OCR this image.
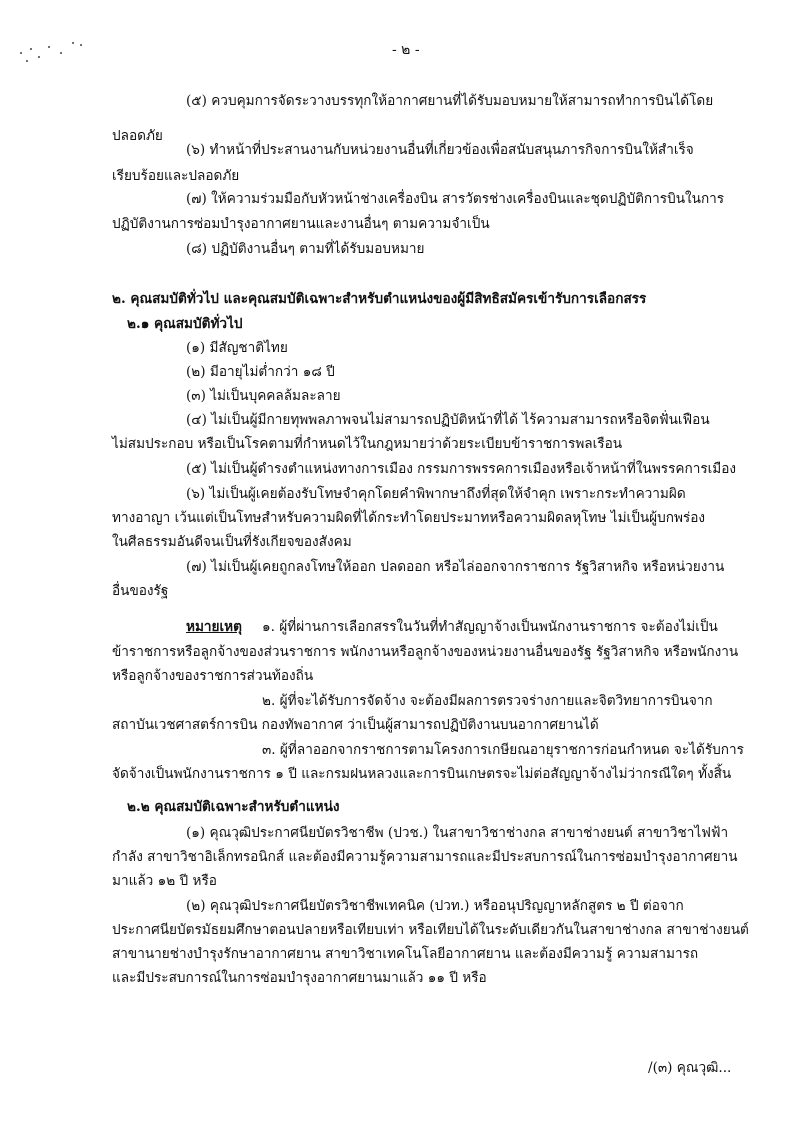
- ๒ -
(๕) ควบคุมการจัดระวางบรรทุกให้อากาศยานที่ได้รับมอบหมายให้สามารถทำการบินได้โดย
ปลอดภัย
(๖) ทำหน้าที่ประสานงานกับหน่วยงานอื่นที่เกี่ยวข้องเพื่อสนับสนุนภารกิจการบินให้สำเร็จ
เรียบร้อยและปลอดภัย
(๗) ให้ความร่วมมือกับหัวหน้าช่างเครื่องบิน สารวัตรช่างเครื่องบินและชุดปฏิบัติการบินในการ
ปฏิบัติงานการซ่อมบำรุงอากาศยานและงานอื่นๆ ตามความจำเป็น
(๘) ปฏิบัติงานอื่นๆ ตามที่ได้รับมอบหมาย
๒. คุณสมบัติทั่วไป และคุณสมบัติเฉพาะสำหรับตำแหน่งของผู้มีสิทธิสมัครเข้ารับการเลือกสรร
๒.๑ คุณสมบัติทั่วไป
(๑) มีสัญชาติไทย
(๒) มีอายุไม่ต่ำกว่า ๑๘ ปี
(๓) ไม่เป็นบุคคลล้มละลาย
(๔) ไม่เป็นผู้มีกายทุพพลภาพจนไม่สามารถปฏิบัติหน้าที่ได้ ไร้ความสามารถหรือจิตฟั่นเฟือน
ไม่สมประกอบ หรือเป็นโรคตามที่กำหนดไว้ในกฎหมายว่าด้วยระเบียบข้าราชการพลเรือน
(๕) ไม่เป็นผู้ดำรงตำแหน่งทางการเมือง กรรมการพรรคการเมืองหรือเจ้าหน้าที่ในพรรคการเมือง
(๖) ไม่เป็นผู้เคยต้องรับโทษจำคุกโดยคำพิพากษาถึงที่สุดให้จำคุก เพราะกระทำความผิด
ทางอาญา เว้นแต่เป็นโทษสำหรับความผิดที่ได้กระทำโดยประมาทหรือความผิดลหุโทษ ไม่เป็นผู้บกพร่อง
ในศีลธรรมอันดีจนเป็นที่รังเกียจของสังคม
(๗) ไม่เป็นผู้เคยถูกลงโทษให้ออก ปลดออก หรือไล่ออกจากราชการ รัฐวิสาหกิจ หรือหน่วยงาน
อื่นของรัฐ
หมายเหตุ ๑. ผู้ที่ผ่านการเลือกสรรในวันที่ทำสัญญาจ้างเป็นพนักงานราชการ จะต้องไม่เป็น
ข้าราชการหรือลูกจ้างของส่วนราชการ พนักงานหรือลูกจ้างของหน่วยงานอื่นของรัฐ รัฐวิสาหกิจ หรือพนักงาน
หรือลูกจ้างของราชการส่วนท้องถิ่น
๒. ผู้ที่จะได้รับการจัดจ้าง จะต้องมีผลการตรวจร่างกายและจิตวิทยาการบินจาก
สถาบันเวชศาสตร์การบิน กองทัพอากาศ ว่าเป็นผู้สามารถปฏิบัติงานบนอากาศยานได้
๓. ผู้ที่ลาออกจากราชการตามโครงการเกษียณอายุราชการก่อนกำหนด จะได้รับการ
จัดจ้างเป็นพนักงานราชการ ๑ ปี และกรมฝนหลวงและการบินเกษตรจะไม่ต่อสัญญาจ้างไม่ว่ากรณีใดๆ ทั้งสิ้น
๒.๒ คุณสมบัติเฉพาะสำหรับตำแหน่ง
(๑) คุณวุฒิประกาศนียบัตรวิชาชีพ (ปวช.) ในสาขาวิชาช่างกล สาขาช่างยนต์ สาขาวิชาไฟฟ้า
กำลัง สาขาวิชาอิเล็กทรอนิกส์ และต้องมีความรู้ความสามารถและมีประสบการณ์ในการซ่อมบำรุงอากาศยาน
มาแล้ว ๑๒ ปี หรือ
(๒) คุณวุฒิประกาศนียบัตรวิชาชีพเทคนิค (ปวท.) หรืออนุปริญญาหลักสูตร ๒ ปี ต่อจาก
ประกาศนียบัตรมัธยมศึกษาตอนปลายหรือเทียบเท่า หรือเทียบได้ในระดับเดียวกันในสาขาช่างกล สาขาช่างยนต์
สาขานายช่างบำรุงรักษาอากาศยาน สาขาวิชาเทคโนโลยีอากาศยาน และต้องมีความรู้ ความสามารถ
และมีประสบการณ์ในการซ่อมบำรุงอากาศยานมาแล้ว ๑๑ ปี หรือ
/(๓) คุณวุฒิ...
